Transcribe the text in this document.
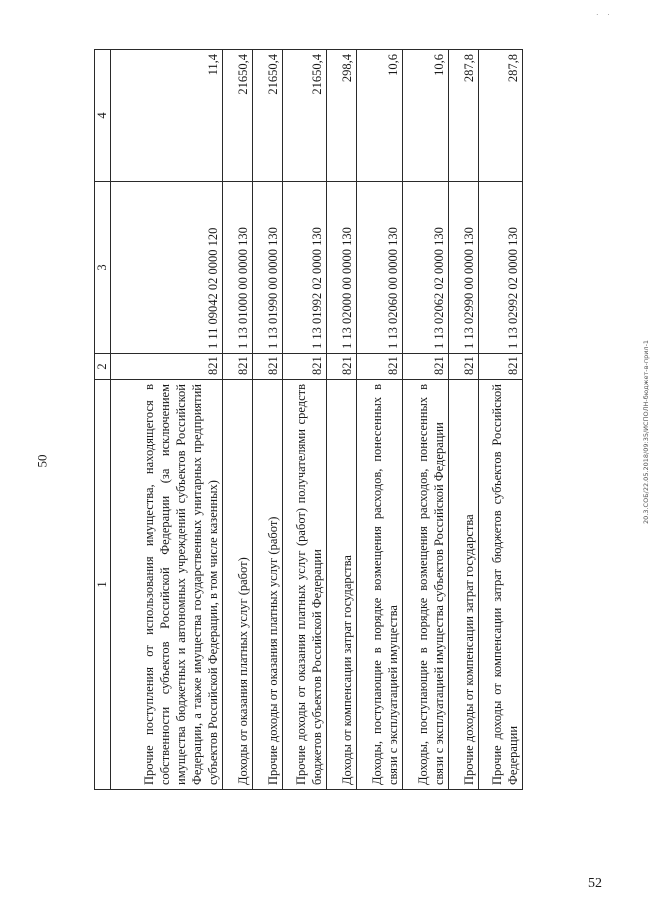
. .
50	20.3.СОБ/22.05.2018/09:35/ИСПОЛН-бюджет-в-прил-1
1	2	3	4
Прочие поступления от использования имущества, находящегося в собственности субъектов Российской Федерации (за исключением имущества бюджетных и автономных учреждений субъектов Российской Федерации, а также имущества государственных унитарных предприятий субъектов Российской Федерации, в том числе казенных)	821	1 11 09042 02 0000 120	11,4
Доходы от оказания платных услуг (работ)	821	1 13 01000 00 0000 130	21650,4
Прочие доходы от оказания платных услуг (работ)	821	1 13 01990 00 0000 130	21650,4
Прочие доходы от оказания платных услуг (работ) получателями средств бюджетов субъектов Российской Федерации	821	1 13 01992 02 0000 130	21650,4
Доходы от компенсации затрат государства	821	1 13 02000 00 0000 130	298,4
Доходы, поступающие в порядке возмещения расходов, понесенных в связи с эксплуатацией имущества	821	1 13 02060 00 0000 130	10,6
Доходы, поступающие в порядке возмещения расходов, понесенных в связи с эксплуатацией имущества субъектов Российской Федерации	821	1 13 02062 02 0000 130	10,6
Прочие доходы от компенсации затрат государства	821	1 13 02990 00 0000 130	287,8
Прочие доходы от компенсации затрат бюджетов субъектов Российской Федерации	821	1 13 02992 02 0000 130	287,8
52
